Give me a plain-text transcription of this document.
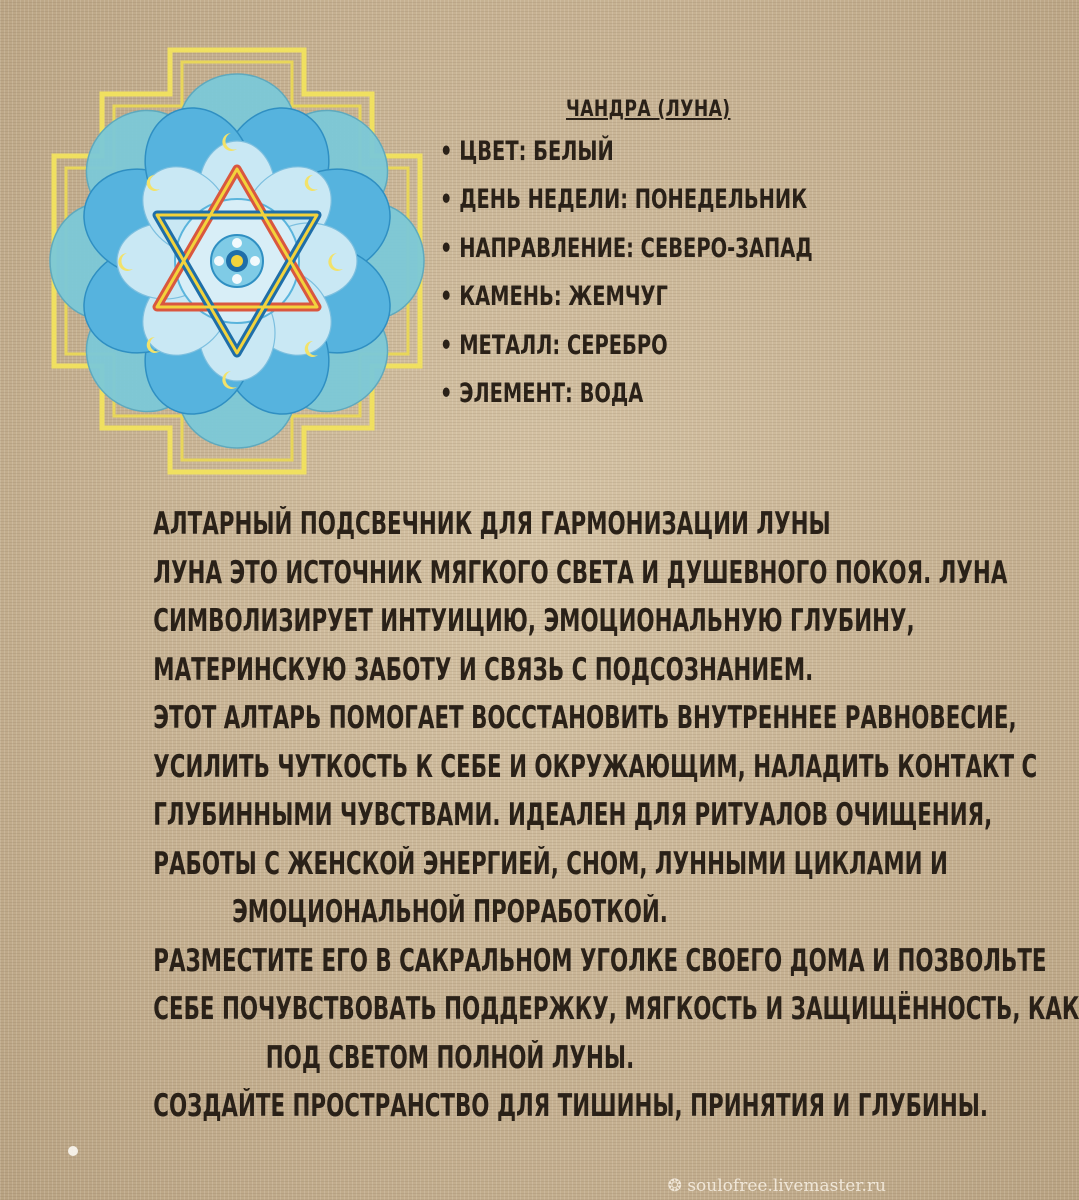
ЧАНДРА (ЛУНА)
• ЦВЕТ: БЕЛЫЙ
• ДЕНЬ НЕДЕЛИ: ПОНЕДЕЛЬНИК
• НАПРАВЛЕНИЕ: СЕВЕРО-ЗАПАД
• КАМЕНЬ: ЖЕМЧУГ
• МЕТАЛЛ: СЕРЕБРО
• ЭЛЕМЕНТ: ВОДА
АЛТАРНЫЙ ПОДСВЕЧНИК ДЛЯ ГАРМОНИЗАЦИИ ЛУНЫ
ЛУНА ЭТО ИСТОЧНИК МЯГКОГО СВЕТА И ДУШЕВНОГО ПОКОЯ. ЛУНА
СИМВОЛИЗИРУЕТ ИНТУИЦИЮ, ЭМОЦИОНАЛЬНУЮ ГЛУБИНУ,
МАТЕРИНСКУЮ ЗАБОТУ И СВЯЗЬ С ПОДСОЗНАНИЕМ.
ЭТОТ АЛТАРЬ ПОМОГАЕТ ВОССТАНОВИТЬ ВНУТРЕННЕЕ РАВНОВЕСИЕ,
УСИЛИТЬ ЧУТКОСТЬ К СЕБЕ И ОКРУЖАЮЩИМ, НАЛАДИТЬ КОНТАКТ С
ГЛУБИННЫМИ ЧУВСТВАМИ. ИДЕАЛЕН ДЛЯ РИТУАЛОВ ОЧИЩЕНИЯ,
РАБОТЫ С ЖЕНСКОЙ ЭНЕРГИЕЙ, СНОМ, ЛУННЫМИ ЦИКЛАМИ И
ЭМОЦИОНАЛЬНОЙ ПРОРАБОТКОЙ.
РАЗМЕСТИТЕ ЕГО В САКРАЛЬНОМ УГОЛКЕ СВОЕГО ДОМА И ПОЗВОЛЬТЕ
СЕБЕ ПОЧУВСТВОВАТЬ ПОДДЕРЖКУ, МЯГКОСТЬ И ЗАЩИЩЁННОСТЬ, КАК
ПОД СВЕТОМ ПОЛНОЙ ЛУНЫ.
СОЗДАЙТЕ ПРОСТРАНСТВО ДЛЯ ТИШИНЫ, ПРИНЯТИЯ И ГЛУБИНЫ.
❂ soulofree.livemaster.ru
